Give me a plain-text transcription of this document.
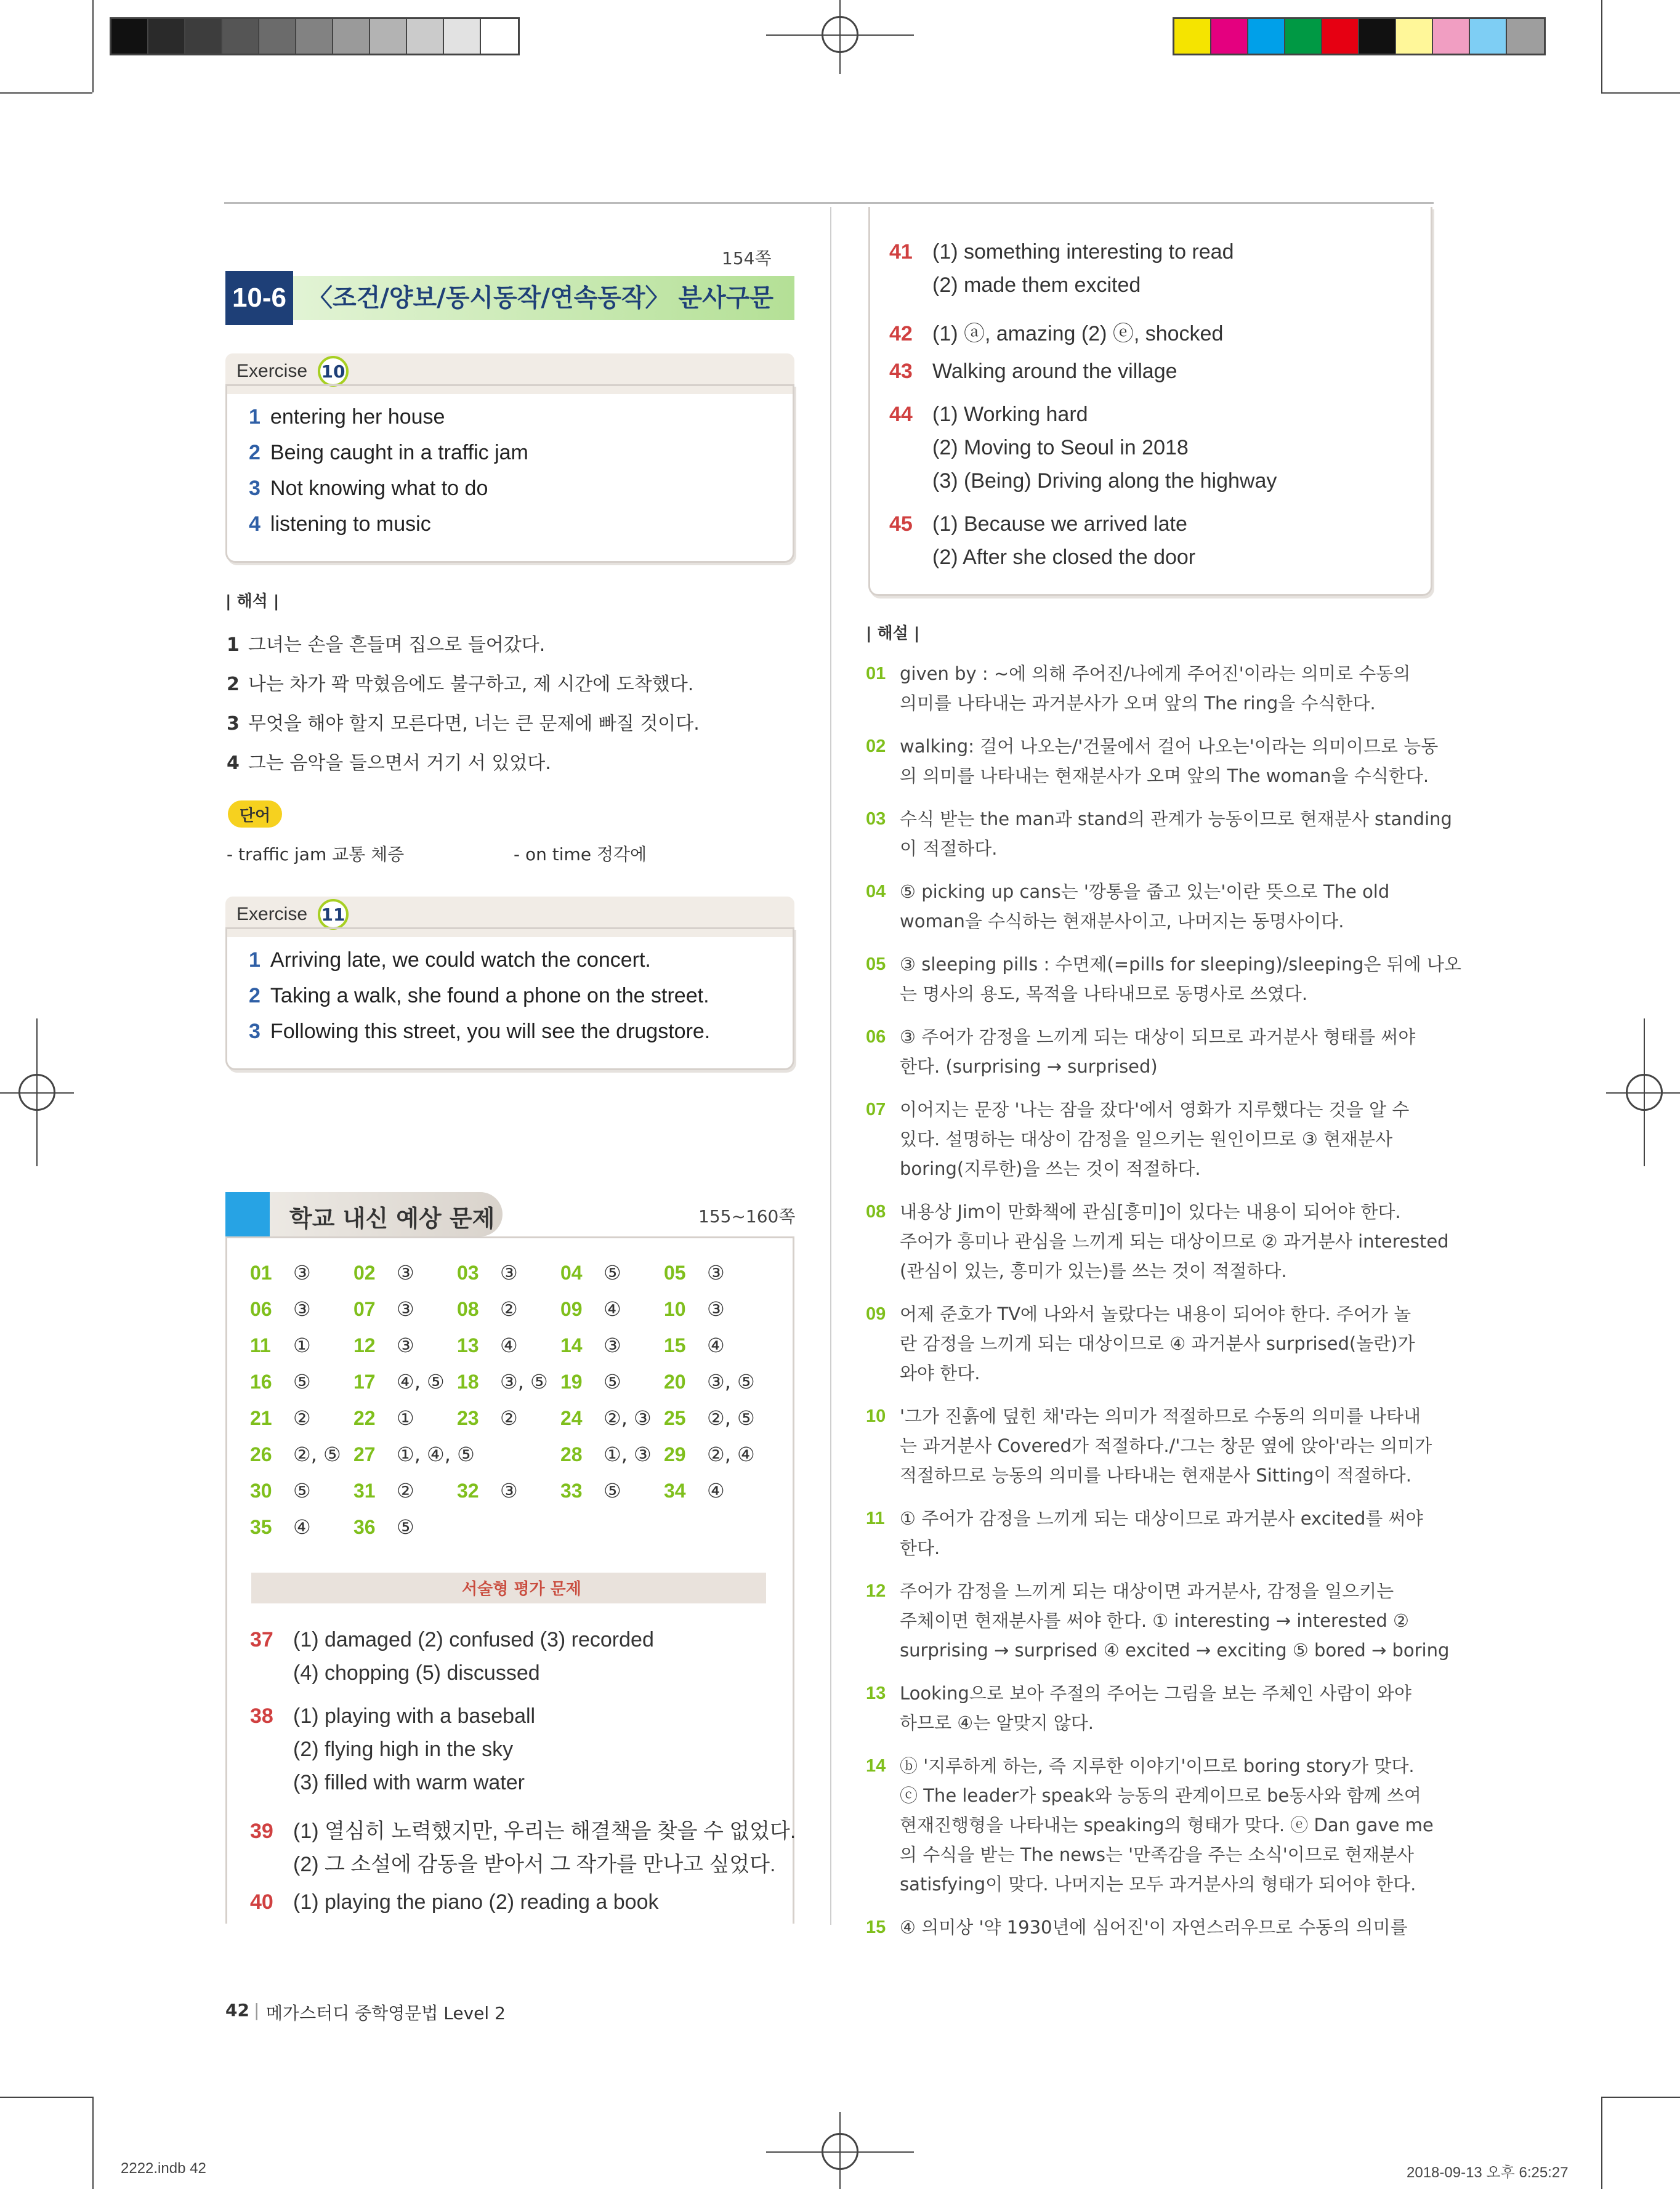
154쪽
10-6 〈조건/양보/동시동작/연속동작〉 분사구문
Exercise 10
| 해석 |
단어
- traffic jam 교통 체증	- on time 정각에
Exercise 11
학교 내신 예상 문제	155~160쪽
서술형 평가 문제
| 해설 |
42 | 메가스터디 중학영문법 Level 2
2222.indb 42	2018-09-13 오후 6:25:27
1 entering her house
2 Being caught in a traffic jam
3 Not knowing what to do
4 listening to music
1 그녀는 손을 흔들며 집으로 들어갔다.
2 나는 차가 꽉 막혔음에도 불구하고, 제 시간에 도착했다.
3 무엇을 해야 할지 모른다면, 너는 큰 문제에 빠질 것이다.
4 그는 음악을 들으면서 거기 서 있었다.
1 Arriving late, we could watch the concert.
2 Taking a walk, she found a phone on the street.
3 Following this street, you will see the drugstore.
01 ③ 02 ③ 03 ③ 04 ⑤ 05 ③
06 ③ 07 ③ 08 ② 09 ④ 10 ③
11 ① 12 ③ 13 ④ 14 ③ 15 ④
16 ⑤ 17 ④, ⑤ 18 ③, ⑤ 19 ⑤ 20 ③, ⑤
21 ② 22 ① 23 ② 24 ②, ③ 25 ②, ⑤
26 ②, ⑤ 27 ①, ④, ⑤	28 ①, ③ 29 ②, ④
30 ⑤ 31 ② 32 ③ 33 ⑤ 34 ④
35 ④ 36 ⑤
37 (1) damaged (2) confused (3) recorded
(4) chopping (5) discussed
38 (1) playing with a baseball
(2) flying high in the sky
(3) filled with warm water
39 (1) 열심히 노력했지만, 우리는 해결책을 찾을 수 없었다.
(2) 그 소설에 감동을 받아서 그 작가를 만나고 싶었다.
40 (1) playing the piano (2) reading a book
41 (1) something interesting to read
(2) made them excited
42 (1) ⓐ, amazing (2) ⓔ, shocked
43 Walking around the village
44 (1) Working hard
(2) Moving to Seoul in 2018
(3) (Being) Driving along the highway
45 (1) Because we arrived late
(2) After she closed the door
01 given by : ~에 의해 주어진/나에게 주어진'이라는 의미로 수동의
의미를 나타내는 과거분사가 오며 앞의 The ring을 수식한다.
02 walking: 걸어 나오는/'건물에서 걸어 나오는'이라는 의미이므로 능동
의 의미를 나타내는 현재분사가 오며 앞의 The woman을 수식한다.
03 수식 받는 the man과 stand의 관계가 능동이므로 현재분사 standing
이 적절하다.
04 ⑤ picking up cans는 '깡통을 줍고 있는'이란 뜻으로 The old
woman을 수식하는 현재분사이고, 나머지는 동명사이다.
05 ③ sleeping pills : 수면제(=pills for sleeping)/sleeping은 뒤에 나오
는 명사의 용도, 목적을 나타내므로 동명사로 쓰였다.
06 ③ 주어가 감정을 느끼게 되는 대상이 되므로 과거분사 형태를 써야
한다. (surprising → surprised)
07 이어지는 문장 '나는 잠을 잤다'에서 영화가 지루했다는 것을 알 수
있다. 설명하는 대상이 감정을 일으키는 원인이므로 ③ 현재분사
boring(지루한)을 쓰는 것이 적절하다.
08 내용상 Jim이 만화책에 관심[흥미]이 있다는 내용이 되어야 한다.
주어가 흥미나 관심을 느끼게 되는 대상이므로 ② 과거분사 interested
(관심이 있는, 흥미가 있는)를 쓰는 것이 적절하다.
09 어제 준호가 TV에 나와서 놀랐다는 내용이 되어야 한다. 주어가 놀
란 감정을 느끼게 되는 대상이므로 ④ 과거분사 surprised(놀란)가
와야 한다.
10 '그가 진흙에 덮힌 채'라는 의미가 적절하므로 수동의 의미를 나타내
는 과거분사 Covered가 적절하다./'그는 창문 옆에 앉아'라는 의미가
적절하므로 능동의 의미를 나타내는 현재분사 Sitting이 적절하다.
11 ① 주어가 감정을 느끼게 되는 대상이므로 과거분사 excited를 써야
한다.
12 주어가 감정을 느끼게 되는 대상이면 과거분사, 감정을 일으키는
주체이면 현재분사를 써야 한다. ① interesting → interested ②
surprising → surprised ④ excited → exciting ⑤ bored → boring
13 Looking으로 보아 주절의 주어는 그림을 보는 주체인 사람이 와야
하므로 ④는 알맞지 않다.
14 ⓑ '지루하게 하는, 즉 지루한 이야기'이므로 boring story가 맞다.
ⓒ The leader가 speak와 능동의 관계이므로 be동사와 함께 쓰여
현재진행형을 나타내는 speaking의 형태가 맞다. ⓔ Dan gave me
의 수식을 받는 The news는 '만족감을 주는 소식'이므로 현재분사
satisfying이 맞다. 나머지는 모두 과거분사의 형태가 되어야 한다.
15 ④ 의미상 '약 1930년에 심어진'이 자연스러우므로 수동의 의미를
